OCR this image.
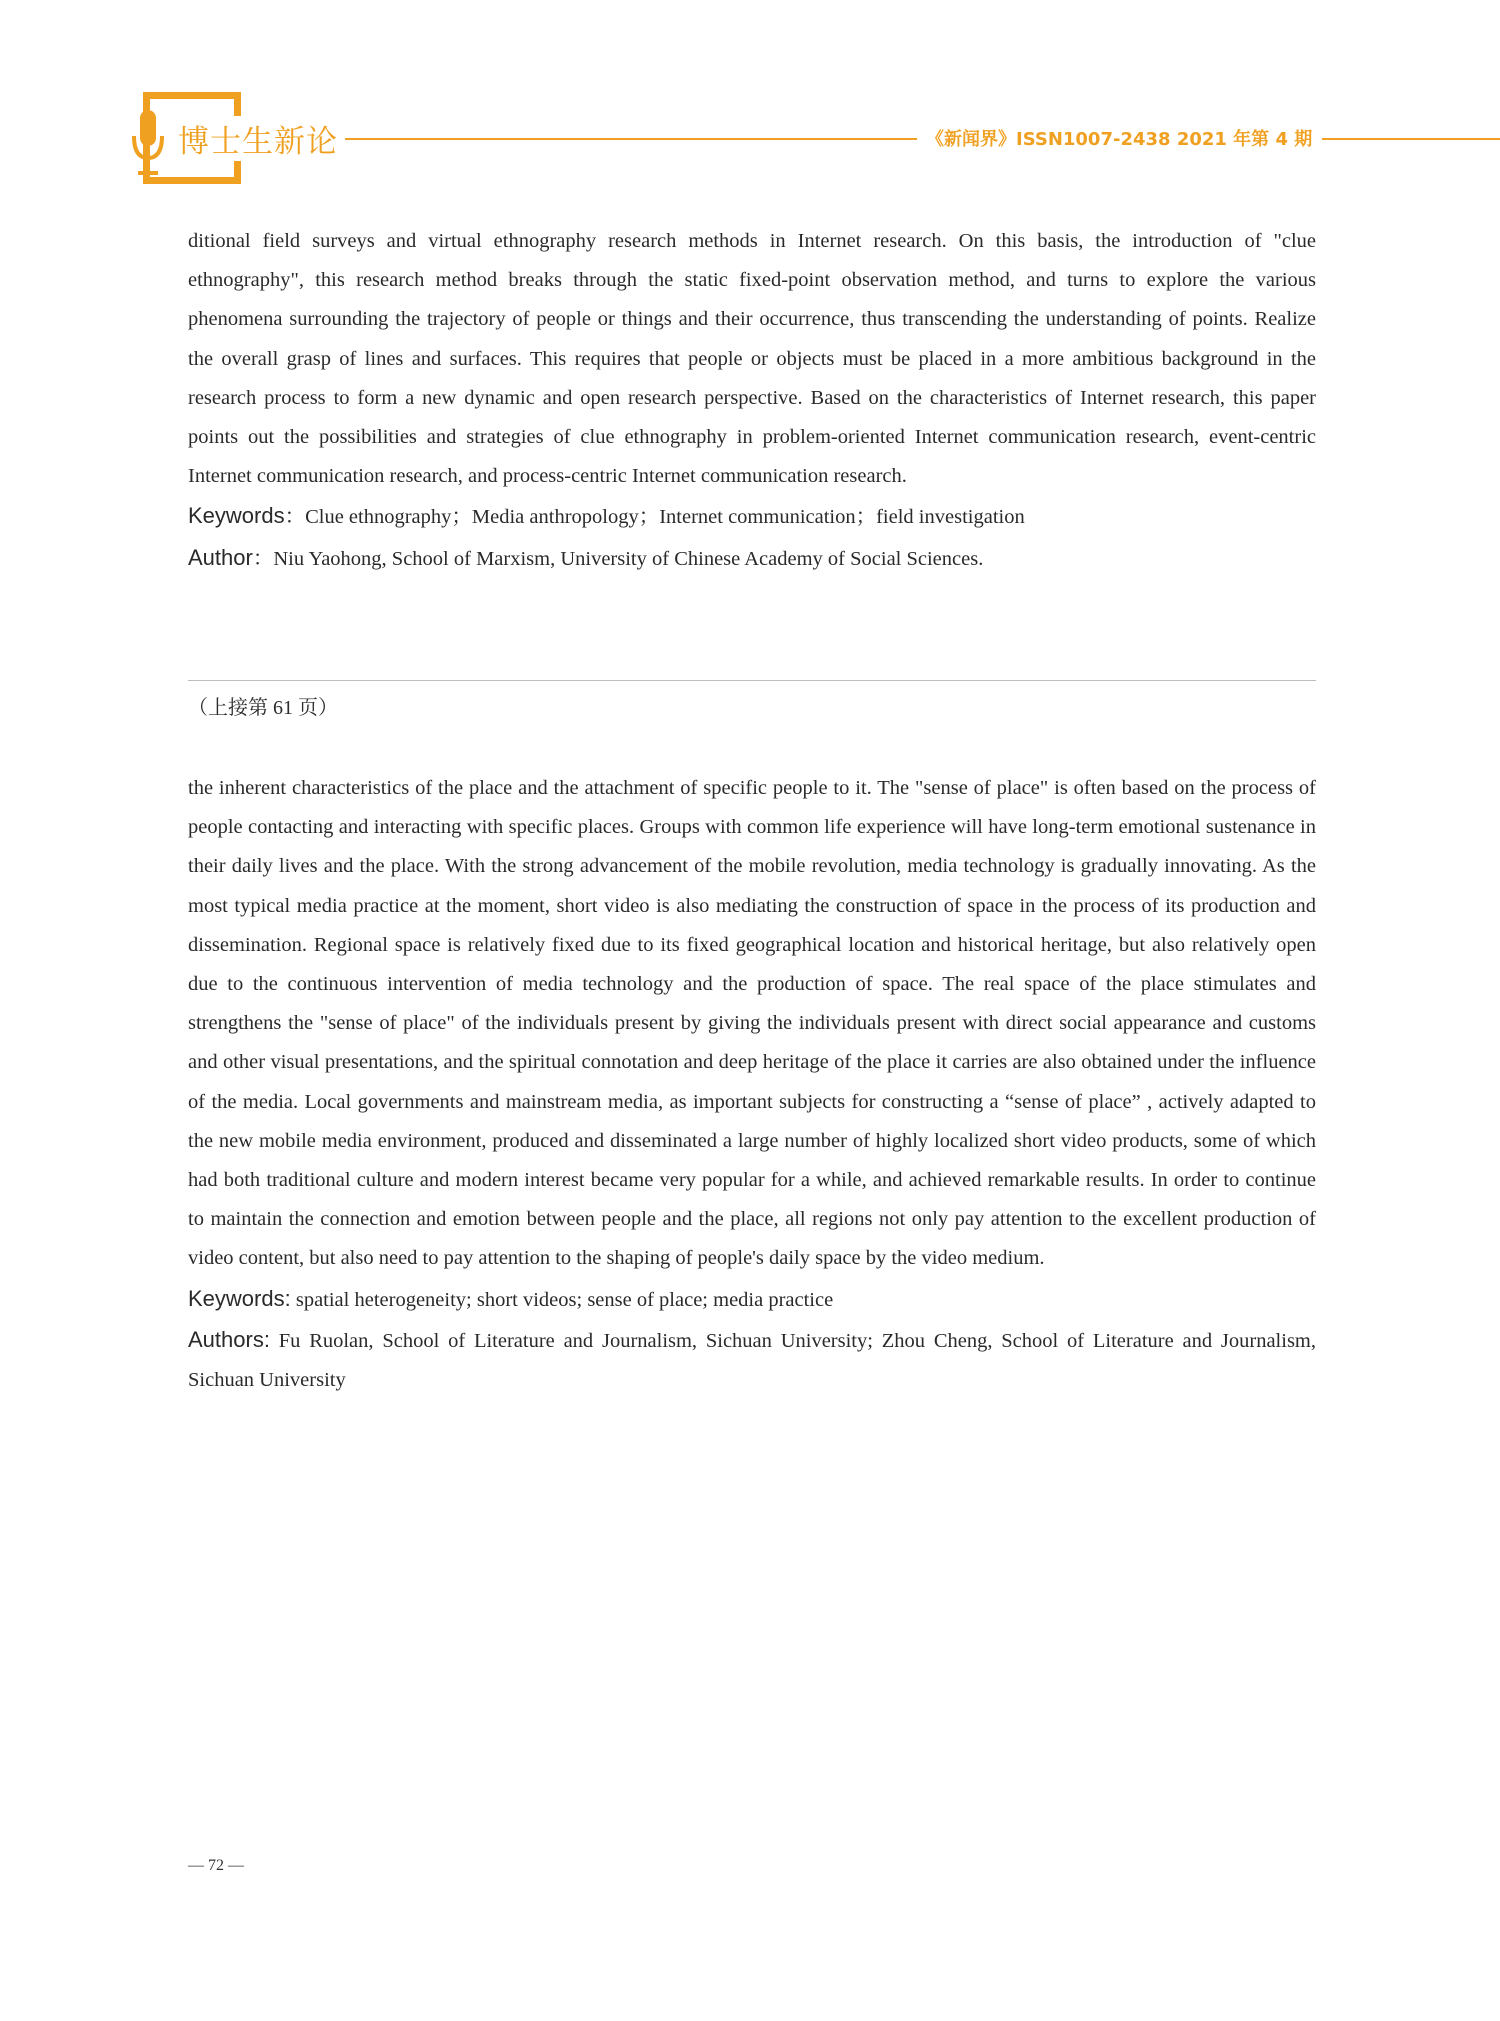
博士生新论	《新闻界》ISSN1007-2438 2021 年第 4 期

ditional field surveys and virtual ethnography research methods in Internet research. On this basis, the introduction of "clue ethnography", this research method breaks through the static fixed-point observation method, and turns to explore the various phenomena surrounding the trajectory of people or things and their occurrence, thus transcending the understanding of points. Realize the overall grasp of lines and surfaces. This requires that people or objects must be placed in a more ambitious background in the research process to form a new dynamic and open research perspective. Based on the characteristics of Internet research, this paper points out the possibilities and strategies of clue ethnography in problem-oriented Internet communication research, event-centric Internet communication research, and process-centric Internet communication research.

Keywords：Clue ethnography；Media anthropology；Internet communication；field investigation

Author：Niu Yaohong, School of Marxism, University of Chinese Academy of Social Sciences.

（上接第 61 页）

the inherent characteristics of the place and the attachment of specific people to it. The "sense of place" is often based on the process of people contacting and interacting with specific places. Groups with common life experience will have long-term emotional sustenance in their daily lives and the place. With the strong advancement of the mobile revolution, media technology is gradually innovating. As the most typical media practice at the moment, short video is also mediating the construction of space in the process of its production and dissemination. Regional space is relatively fixed due to its fixed geographical location and historical heritage, but also relatively open due to the continuous intervention of media technology and the production of space. The real space of the place stimulates and strengthens the "sense of place" of the individuals present by giving the individuals present with direct social appearance and customs and other visual presentations, and the spiritual connotation and deep heritage of the place it carries are also obtained under the influence of the media. Local governments and mainstream media, as important subjects for constructing a “sense of place” , actively adapted to the new mobile media environment, produced and disseminated a large number of highly localized short video products, some of which had both traditional culture and modern interest became very popular for a while, and achieved remarkable results. In order to continue to maintain the connection and emotion between people and the place, all regions not only pay attention to the excellent production of video content, but also need to pay attention to the shaping of people's daily space by the video medium.

Keywords: spatial heterogeneity; short videos; sense of place; media practice

Authors: Fu Ruolan, School of Literature and Journalism, Sichuan University; Zhou Cheng, School of Literature and Journalism, Sichuan University

— 72 —
